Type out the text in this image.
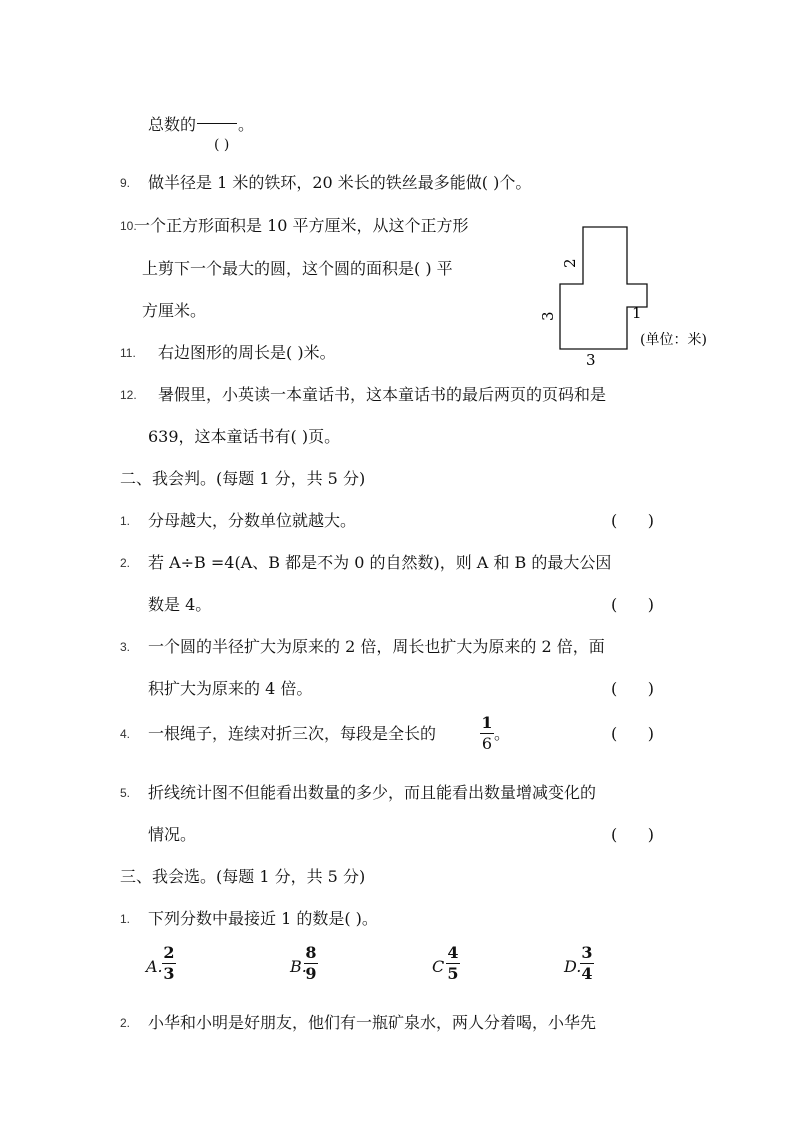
总数的	。
( )
9. 做半径是 1 米的铁环，20 米长的铁丝最多能做( )个。
10.
一个正方形面积是 10 平方厘米，从这个正方形
上剪下一个最大的圆，这个圆的面积是( ) 平
方厘米。
11. 右边图形的周长是( )米。
3
2
1
3
(单位：米)
12. 暑假里，小英读一本童话书，这本童话书的最后两页的页码和是
639，这本童话书有( )页。
二、我会判。(每题 1 分，共 5 分)
1. 分母越大，分数单位就越大。	(      )
2. 若 A÷B =4(A、B 都是不为 0 的自然数)，则 A 和 B 的最大公因
数是 4。	(      )
3. 一个圆的半径扩大为原来的 2 倍，周长也扩大为原来的 2 倍，面
积扩大为原来的 4 倍。	(      )
4. 一根绳子，连续对折三次，每段是全长的
1
6
。	(      )
5. 折线统计图不但能看出数量的多少，而且能看出数量增减变化的
情况。	(      )
三、我会选。(每题 1 分，共 5 分)
1. 下列分数中最接近 1 的数是( )。
A.
2
3	B.
8
9	C
4
5	D.
3
4
2. 小华和小明是好朋友，他们有一瓶矿泉水，两人分着喝，小华先
